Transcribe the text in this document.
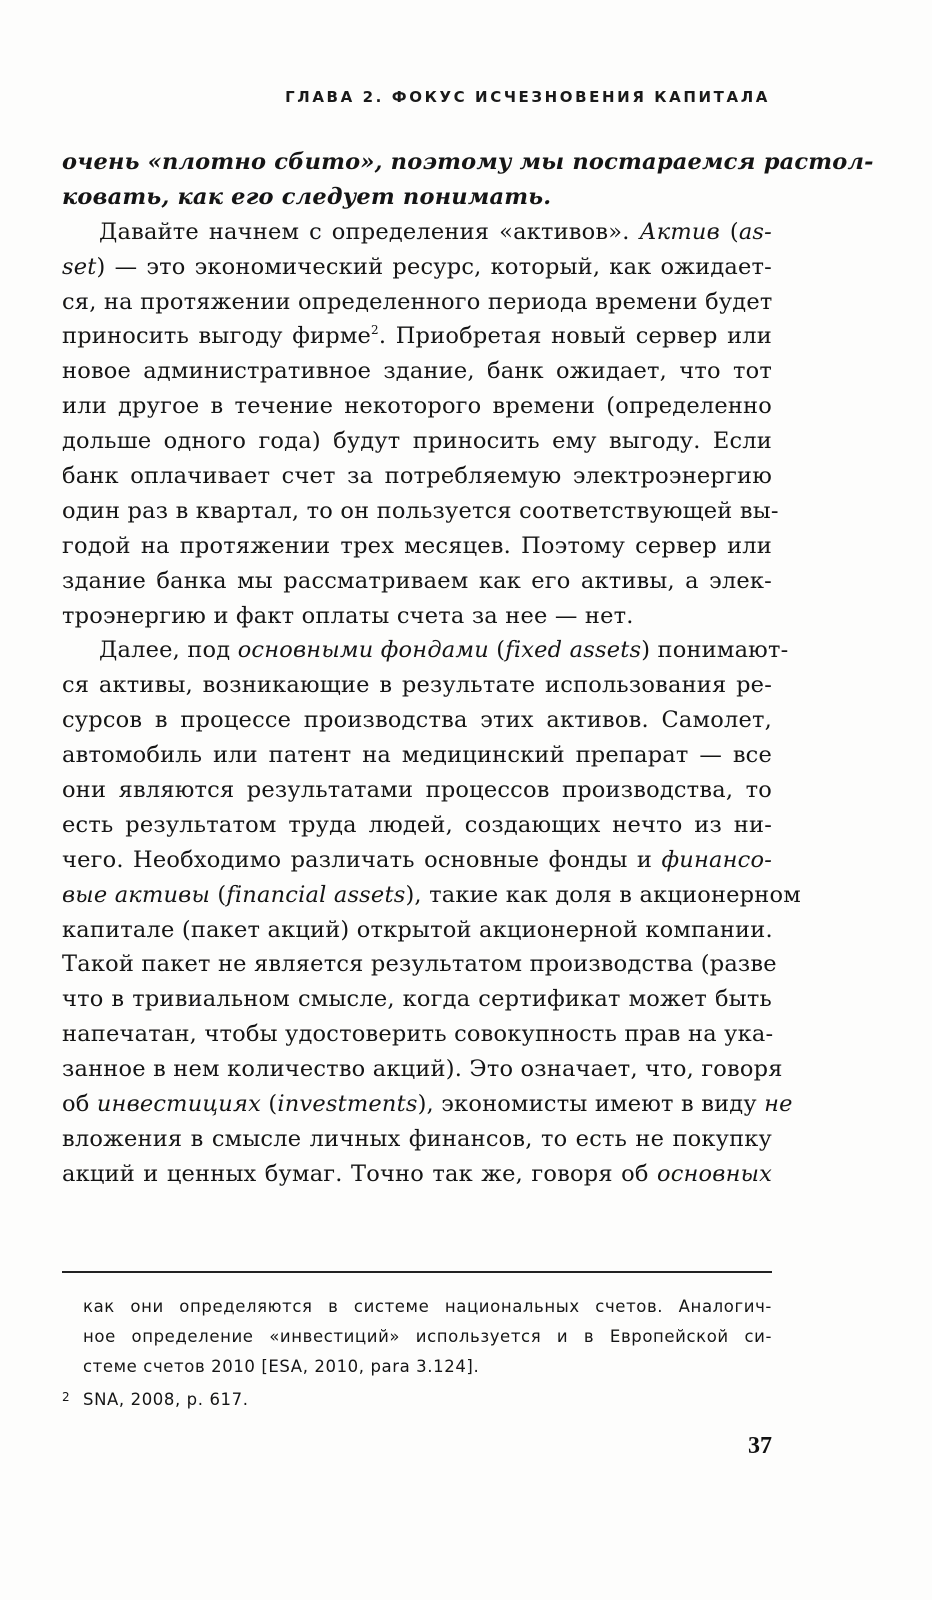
ГЛАВА 2. ФОКУС ИСЧЕЗНОВЕНИЯ КАПИТАЛА
очень «плотно сбито», поэтому мы постараемся растол-
ковать, как его следует понимать.
Давайте начнем с определения «активов». Актив (as-
set) — это экономический ресурс, который, как ожидает-
ся, на протяжении определенного периода времени будет
приносить выгоду фирме$^2$. Приобретая новый сервер или
новое административное здание, банк ожидает, что тот
или другое в течение некоторого времени (определенно
дольше одного года) будут приносить ему выгоду. Если
банк оплачивает счет за потребляемую электроэнергию
один раз в квартал, то он пользуется соответствующей вы-
годой на протяжении трех месяцев. Поэтому сервер или
здание банка мы рассматриваем как его активы, а элек-
троэнергию и факт оплаты счета за нее — нет.
Далее, под основными фондами (fixed assets) понимают-
ся активы, возникающие в результате использования ре-
сурсов в процессе производства этих активов. Самолет,
автомобиль или патент на медицинский препарат — все
они являются результатами процессов производства, то
есть результатом труда людей, создающих нечто из ни-
чего. Необходимо различать основные фонды и финансо-
вые активы (financial assets), такие как доля в акционерном
капитале (пакет акций) открытой акционерной компании.
Такой пакет не является результатом производства (разве
что в тривиальном смысле, когда сертификат может быть
напечатан, чтобы удостоверить совокупность прав на ука-
занное в нем количество акций). Это означает, что, говоря
об инвестициях (investments), экономисты имеют в виду не
вложения в смысле личных финансов, то есть не покупку
акций и ценных бумаг. Точно так же, говоря об основных
как они определяются в системе национальных счетов. Аналогич-
ное определение «инвестиций» используется и в Европейской си-
стеме счетов 2010 [ESA, 2010, para 3.124].
2 SNA, 2008, p. 617.
37
